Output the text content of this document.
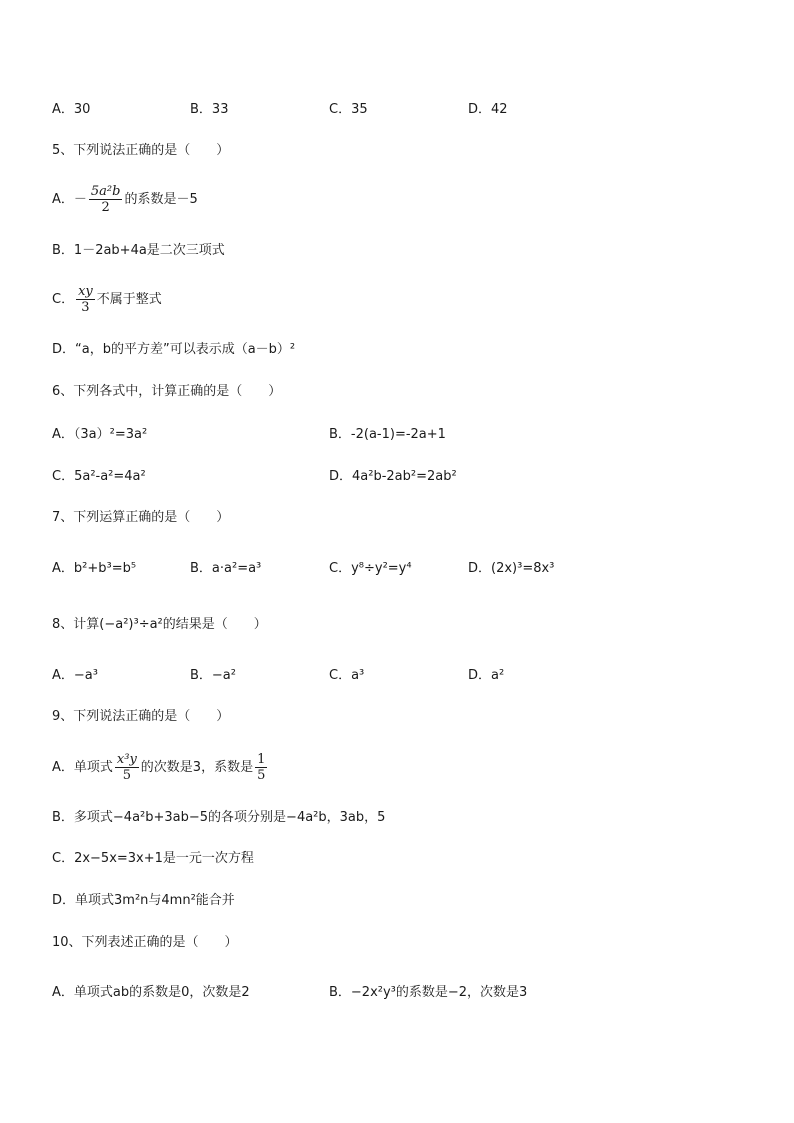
A．30	B．33	C．35	D．42
5、下列说法正确的是（　　）
A．－ $\frac{\text{5a²b}}{2}$ 的系数是－5
B．1－2ab+4a是二次三项式
C． $\frac{xy}{3}$ 不属于整式
D．“a，b的平方差”可以表示成（a－b）²
6、下列各式中，计算正确的是（　　）
A．（3a）²=3a²	B．-2(a-1)=-2a+1
C．5a²-a²=4a²	D．4a²b-2ab²=2ab²
7、下列运算正确的是（　　）
A．b²+b³=b⁵	B．a·a²=a³	C．y⁸÷y²=y⁴	D．(2x)³=8x³
8、计算(−a²)³÷a²的结果是（　　）
A．−a³	B．−a²	C．a³	D．a²
9、下列说法正确的是（　　）
A．单项式 $\frac{\text{x³y}}{5}$ 的次数是3，系数是 $\frac{1}{5}$
B．多项式−4a²b+3ab−5的各项分别是−4a²b，3ab，5
C．2x−5x=3x+1是一元一次方程
D．单项式3m²n与4mn²能合并
10、下列表述正确的是（　　）
A．单项式ab的系数是0，次数是2	B．−2x²y³的系数是−2，次数是3
